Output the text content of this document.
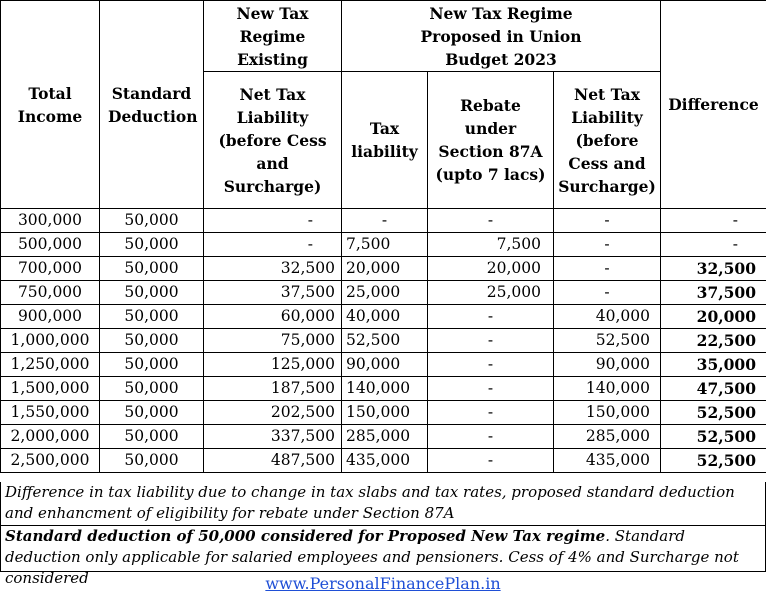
Total Income	Standard Deduction	New Tax Regime Existing	New Tax Regime Proposed in Union Budget 2023			Difference
		Net Tax Liability (before Cess and Surcharge)	Tax liability	Rebate under Section 87A (upto 7 lacs)	Net Tax Liability (before Cess and Surcharge)	
300,000	50,000	-	-	-	-	-
500,000	50,000	-	7,500	7,500	-	-
700,000	50,000	32,500	20,000	20,000	-	32,500
750,000	50,000	37,500	25,000	25,000	-	37,500
900,000	50,000	60,000	40,000	-	40,000	20,000
1,000,000	50,000	75,000	52,500	-	52,500	22,500
1,250,000	50,000	125,000	90,000	-	90,000	35,000
1,500,000	50,000	187,500	140,000	-	140,000	47,500
1,550,000	50,000	202,500	150,000	-	150,000	52,500
2,000,000	50,000	337,500	285,000	-	285,000	52,500
2,500,000	50,000	487,500	435,000	-	435,000	52,500
Difference in tax liability due to change in tax slabs and tax rates, proposed standard deduction and enhancment of eligibility for rebate under Section 87A
Standard deduction of 50,000 considered for Proposed New Tax regime. Standard deduction only applicable for salaried employees and pensioners. Cess of 4% and Surcharge not considered	www.PersonalFinancePlan.in
